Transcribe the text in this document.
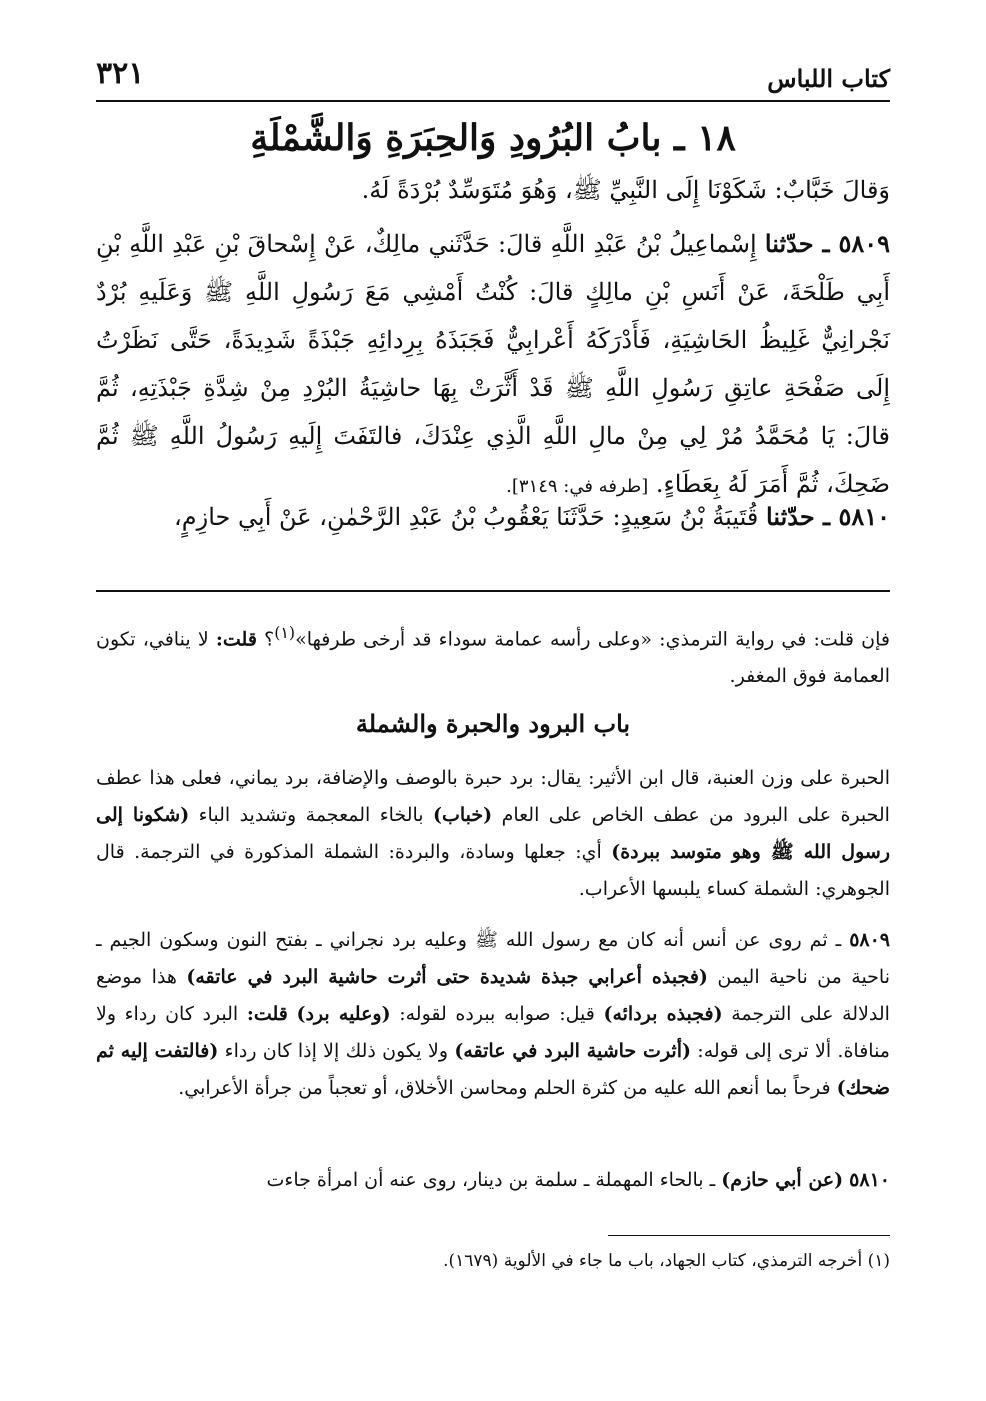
كتاب اللباس
٣٢١
١٨ ـ بابُ البُرُودِ وَالحِبَرَةِ وَالشَّمْلَةِ
وَقالَ خَبَّابٌ: شَكَوْنَا إِلَى النَّبِيِّ ﷺ، وَهُوَ مُتَوَسِّدٌ بُرْدَةً لَهُ.
٥٨٠٩ ـ حدّثنا إِسْماعِيلُ بْنُ عَبْدِ اللَّهِ قالَ: حَدَّثَني مالِكٌ، عَنْ إِسْحاقَ بْنِ عَبْدِ اللَّهِ بْنِ أَبِي طَلْحَةَ، عَنْ أَنَسِ بْنِ مالِكٍ قالَ: كُنْتُ أَمْشِي مَعَ رَسُولِ اللَّهِ ﷺ وَعَلَيهِ بُرْدٌ نَجْرانِيٌّ غَلِيظُ الحَاشِيَةِ، فَأَدْرَكَهُ أَعْرابِيٌّ فَجَبَذَهُ بِرِدائِهِ جَبْذَةً شَدِيدَةً، حَتَّى نَظَرْتُ إِلَى صَفْحَةِ عاتِقِ رَسُولِ اللَّهِ ﷺ قَدْ أَثَّرَتْ بِهَا حاشِيَةُ البُرْدِ مِنْ شِدَّةِ جَبْذَتِهِ، ثُمَّ قالَ: يَا مُحَمَّدُ مُرْ لِي مِنْ مالِ اللَّهِ الَّذِي عِنْدَكَ، فالتَفَتَ إِلَيهِ رَسُولُ اللَّهِ ﷺ ثُمَّ ضَحِكَ، ثُمَّ أَمَرَ لَهُ بِعَطَاءٍ. [طرفه في: ٣١٤٩].
٥٨١٠ ـ حدّثنا قُتَيبَةُ بْنُ سَعِيدٍ: حَدَّثَنَا يَعْقُوبُ بْنُ عَبْدِ الرَّحْمٰنِ، عَنْ أَبِي حازِمٍ،
فإن قلت: في رواية الترمذي: «وعلى رأسه عمامة سوداء قد أرخى طرفها»$^{(١)}$؟ قلت: لا ينافي، تكون العمامة فوق المغفر.
باب البرود والحبرة والشملة
الحبرة على وزن العنبة، قال ابن الأثير: يقال: برد حبرة بالوصف والإضافة، برد يماني، فعلى هذا عطف الحبرة على البرود من عطف الخاص على العام (خباب) بالخاء المعجمة وتشديد الباء (شكونا إلى رسول الله ﷺ وهو متوسد ببردة) أي: جعلها وسادة، والبردة: الشملة المذكورة في الترجمة. قال الجوهري: الشملة كساء يلبسها الأعراب.
٥٨٠٩ ـ ثم روى عن أنس أنه كان مع رسول الله ﷺ وعليه برد نجراني ـ بفتح النون وسكون الجيم ـ ناحية من ناحية اليمن (فجبذه أعرابي جبذة شديدة حتى أثرت حاشية البرد في عاتقه) هذا موضع الدلالة على الترجمة (فجبذه بردائه) قيل: صوابه ببرده لقوله: (وعليه برد) قلت: البرد كان رداء ولا منافاة. ألا ترى إلى قوله: (أثرت حاشية البرد في عاتقه) ولا يكون ذلك إلا إذا كان رداء (فالتفت إليه ثم ضحك) فرحاً بما أنعم الله عليه من كثرة الحلم ومحاسن الأخلاق، أو تعجباً من جرأة الأعرابي.
٥٨١٠ (عن أبي حازم) ـ بالحاء المهملة ـ سلمة بن دينار، روى عنه أن امرأة جاءت
(١) أخرجه الترمذي، كتاب الجهاد، باب ما جاء في الألوية (١٦٧٩).
